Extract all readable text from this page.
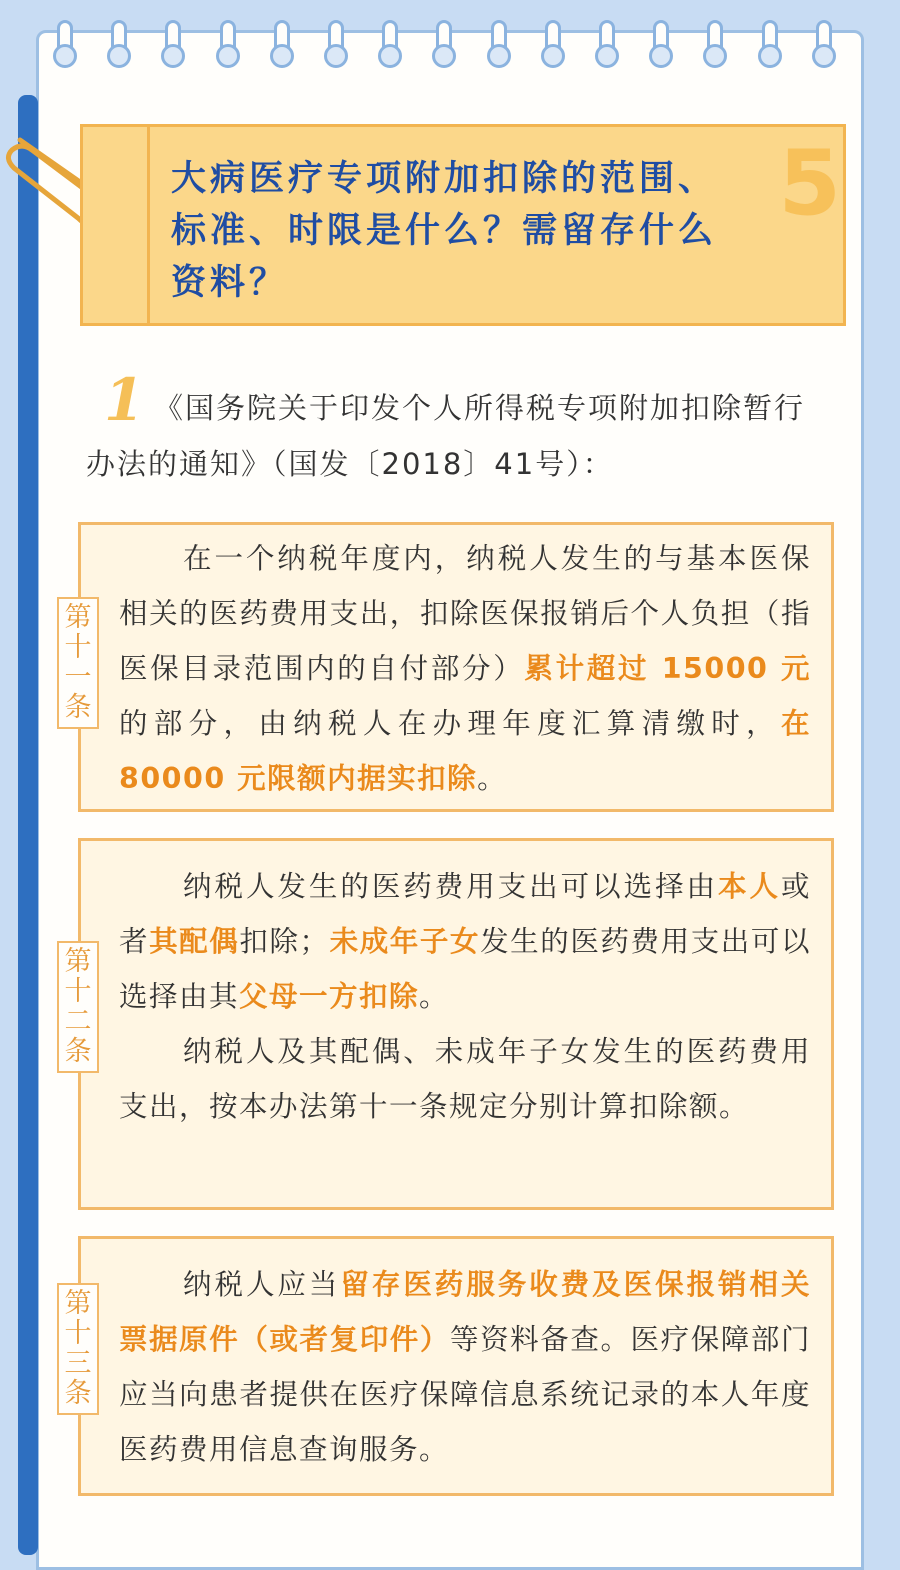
大病医疗专项附加扣除的范围、
标准、时限是什么？需留存什么
资料？
5
1 《国务院关于印发个人所得税专项附加扣除暂行办法的通知》（国发〔2018〕41号）：
第
十
一
条

在一个纳税年度内，纳税人发生的与基本医保相关的医药费用支出，扣除医保报销后个人负担（指医保目录范围内的自付部分）累计超过 15000 元的部分，由纳税人在办理年度汇算清缴时，在 80000 元限额内据实扣除。

第
十
二
条

纳税人发生的医药费用支出可以选择由本人或者其配偶扣除；未成年子女发生的医药费用支出可以选择由其父母一方扣除。

纳税人及其配偶、未成年子女发生的医药费用支出，按本办法第十一条规定分别计算扣除额。

第
十
三
条

纳税人应当留存医药服务收费及医保报销相关票据原件（或者复印件）等资料备查。医疗保障部门应当向患者提供在医疗保障信息系统记录的本人年度医药费用信息查询服务。
